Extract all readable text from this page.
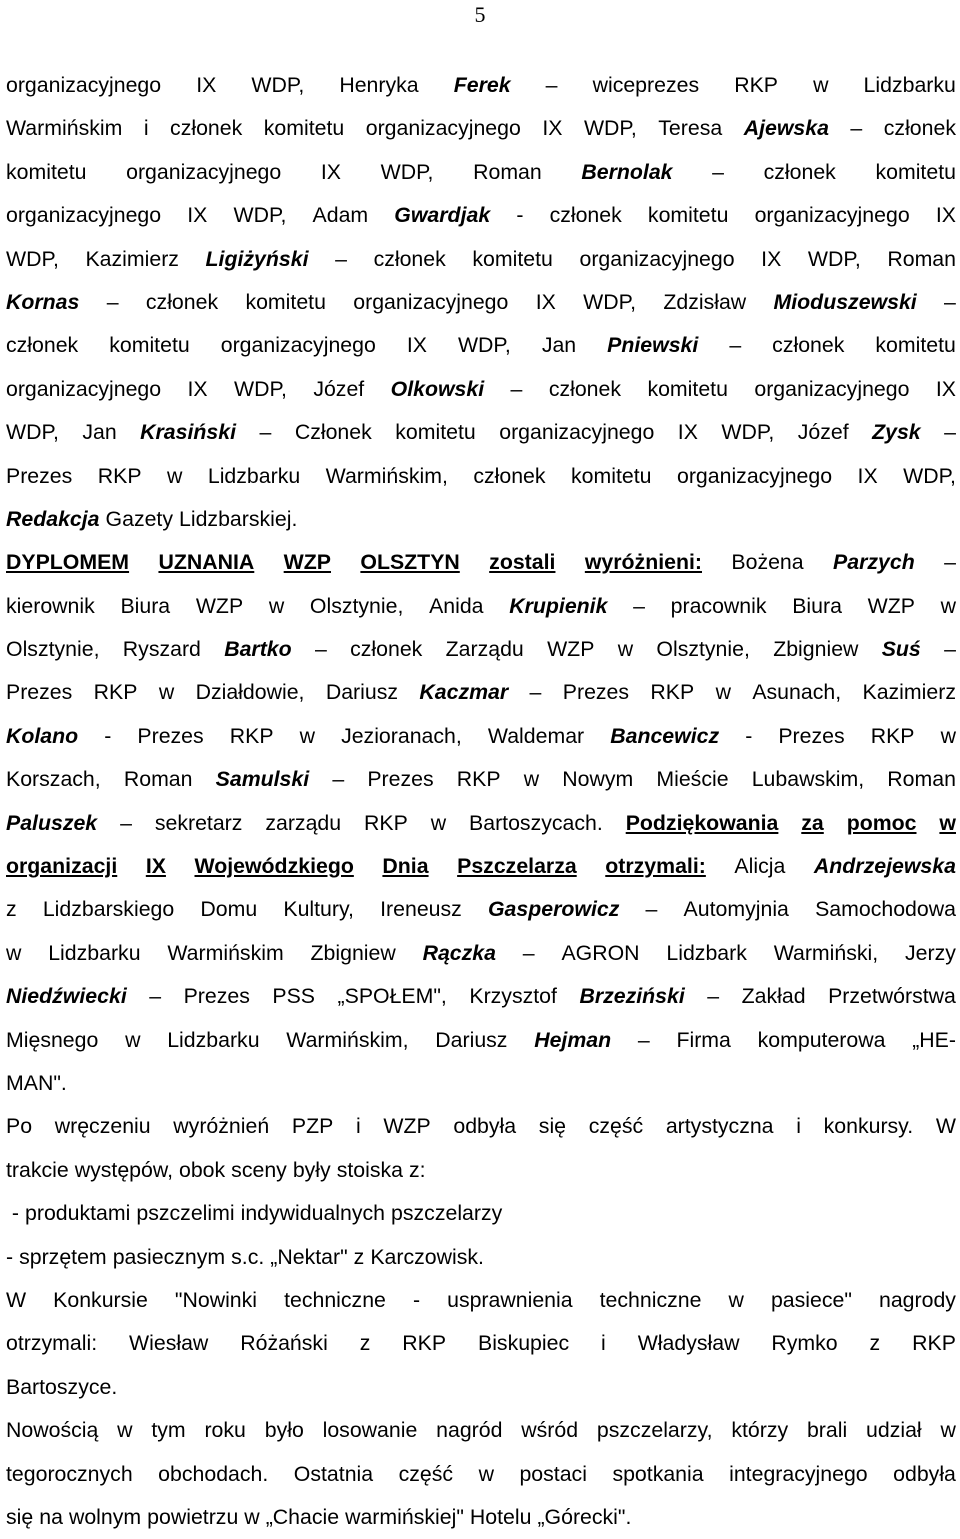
5
organizacyjnego IX WDP, Henryka Ferek – wiceprezes RKP w Lidzbarku
Warmińskim i członek komitetu organizacyjnego IX WDP, Teresa Ajewska – członek
komitetu organizacyjnego IX WDP, Roman Bernolak – członek komitetu
organizacyjnego IX WDP, Adam Gwardjak - członek komitetu organizacyjnego IX
WDP, Kazimierz Ligiżyński – członek komitetu organizacyjnego IX WDP, Roman
Kornas – członek komitetu organizacyjnego IX WDP, Zdzisław Mioduszewski –
członek komitetu organizacyjnego IX WDP, Jan Pniewski – członek komitetu
organizacyjnego IX WDP, Józef Olkowski – członek komitetu organizacyjnego IX
WDP, Jan Krasiński – Członek komitetu organizacyjnego IX WDP, Józef Zysk –
Prezes RKP w Lidzbarku Warmińskim, członek komitetu organizacyjnego IX WDP,
Redakcja Gazety Lidzbarskiej.
DYPLOMEM UZNANIA WZP OLSZTYN zostali wyróżnieni: Bożena Parzych –
kierownik Biura WZP w Olsztynie, Anida Krupienik – pracownik Biura WZP w
Olsztynie, Ryszard Bartko – członek Zarządu WZP w Olsztynie, Zbigniew Suś –
Prezes RKP w Działdowie, Dariusz Kaczmar – Prezes RKP w Asunach, Kazimierz
Kolano - Prezes RKP w Jezioranach, Waldemar Bancewicz - Prezes RKP w
Korszach, Roman Samulski – Prezes RKP w Nowym Mieście Lubawskim, Roman
Paluszek – sekretarz zarządu RKP w Bartoszycach. Podziękowania za pomoc w
organizacji IX Wojewódzkiego Dnia Pszczelarza otrzymali: Alicja Andrzejewska
z Lidzbarskiego Domu Kultury, Ireneusz Gasperowicz – Automyjnia Samochodowa
w Lidzbarku Warmińskim Zbigniew Rączka – AGRON Lidzbark Warmiński, Jerzy
Niedźwiecki – Prezes PSS „SPOŁEM", Krzysztof Brzeziński – Zakład Przetwórstwa
Mięsnego w Lidzbarku Warmińskim, Dariusz Hejman – Firma komputerowa „HE-
MAN".
Po wręczeniu wyróżnień PZP i WZP odbyła się część artystyczna i konkursy. W
trakcie występów, obok sceny były stoiska z:
- produktami pszczelimi indywidualnych pszczelarzy
- sprzętem pasiecznym s.c. „Nektar" z Karczowisk.
W Konkursie "Nowinki techniczne - usprawnienia techniczne w pasiece" nagrody
otrzymali: Wiesław Różański z RKP Biskupiec i Władysław Rymko z RKP
Bartoszyce.
Nowością w tym roku było losowanie nagród wśród pszczelarzy, którzy brali udział w
tegorocznych obchodach. Ostatnia część w postaci spotkania integracyjnego odbyła
się na wolnym powietrzu w „Chacie warmińskiej" Hotelu „Górecki".
